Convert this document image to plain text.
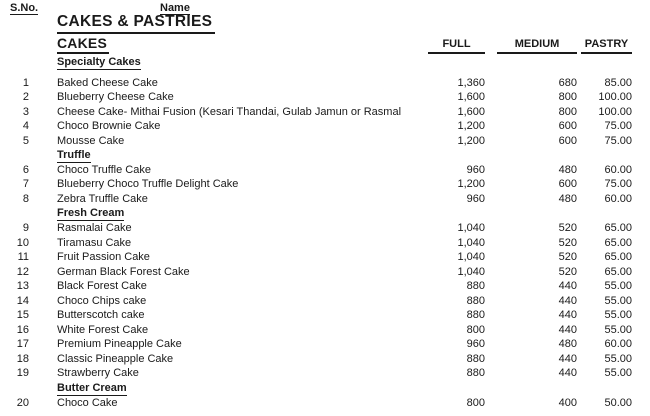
S.No.	Name
CAKES & PASTRIES
CAKES	FULL	MEDIUM	PASTRY
Specialty Cakes
1	Baked Cheese Cake	1,360	680	85.00
2	Blueberry Cheese Cake	1,600	800	100.00
3	Cheese Cake- Mithai Fusion (Kesari Thandai, Gulab Jamun or Rasmal	1,600	800	100.00
4	Choco Brownie Cake	1,200	600	75.00
5	Mousse Cake	1,200	600	75.00
Truffle
6	Choco Truffle Cake	960	480	60.00
7	Blueberry Choco Truffle Delight Cake	1,200	600	75.00
8	Zebra Truffle Cake	960	480	60.00
Fresh Cream
9	Rasmalai Cake	1,040	520	65.00
10	Tiramasu Cake	1,040	520	65.00
11	Fruit Passion Cake	1,040	520	65.00
12	German Black Forest Cake	1,040	520	65.00
13	Black Forest Cake	880	440	55.00
14	Choco Chips cake	880	440	55.00
15	Butterscotch cake	880	440	55.00
16	White Forest Cake	800	440	55.00
17	Premium Pineapple Cake	960	480	60.00
18	Classic Pineapple Cake	880	440	55.00
19	Strawberry Cake	880	440	55.00
Butter Cream
20	Choco Cake	800	400	50.00
